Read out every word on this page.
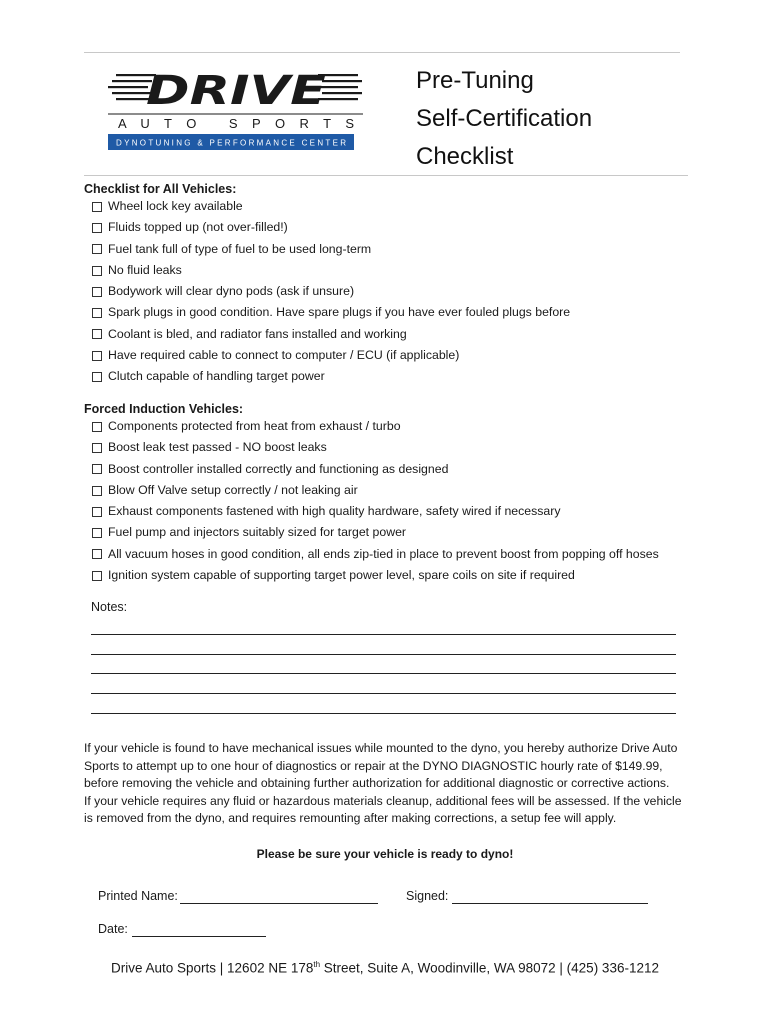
DRIVE
A U T O   S P O R T S
DYNOTUNING & PERFORMANCE CENTER
Pre-Tuning
Self-Certification
Checklist
Checklist for All Vehicles:
Wheel lock key available
Fluids topped up (not over-filled!)
Fuel tank full of type of fuel to be used long-term
No fluid leaks
Bodywork will clear dyno pods (ask if unsure)
Spark plugs in good condition. Have spare plugs if you have ever fouled plugs before
Coolant is bled, and radiator fans installed and working
Have required cable to connect to computer / ECU (if applicable)
Clutch capable of handling target power
Forced Induction Vehicles:
Components protected from heat from exhaust / turbo
Boost leak test passed - NO boost leaks
Boost controller installed correctly and functioning as designed
Blow Off Valve setup correctly / not leaking air
Exhaust components fastened with high quality hardware, safety wired if necessary
Fuel pump and injectors suitably sized for target power
All vacuum hoses in good condition, all ends zip-tied in place to prevent boost from popping off hoses
Ignition system capable of supporting target power level, spare coils on site if required
Notes:
If your vehicle is found to have mechanical issues while mounted to the dyno, you hereby authorize Drive Auto
Sports to attempt up to one hour of diagnostics or repair at the DYNO DIAGNOSTIC hourly rate of $149.99,
before removing the vehicle and obtaining further authorization for additional diagnostic or corrective actions.
If your vehicle requires any fluid or hazardous materials cleanup, additional fees will be assessed. If the vehicle
is removed from the dyno, and requires remounting after making corrections, a setup fee will apply.
Please be sure your vehicle is ready to dyno!
Printed Name:	Signed:
Date:
Drive Auto Sports | 12602 NE 178th Street, Suite A, Woodinville, WA 98072 | (425) 336-1212
